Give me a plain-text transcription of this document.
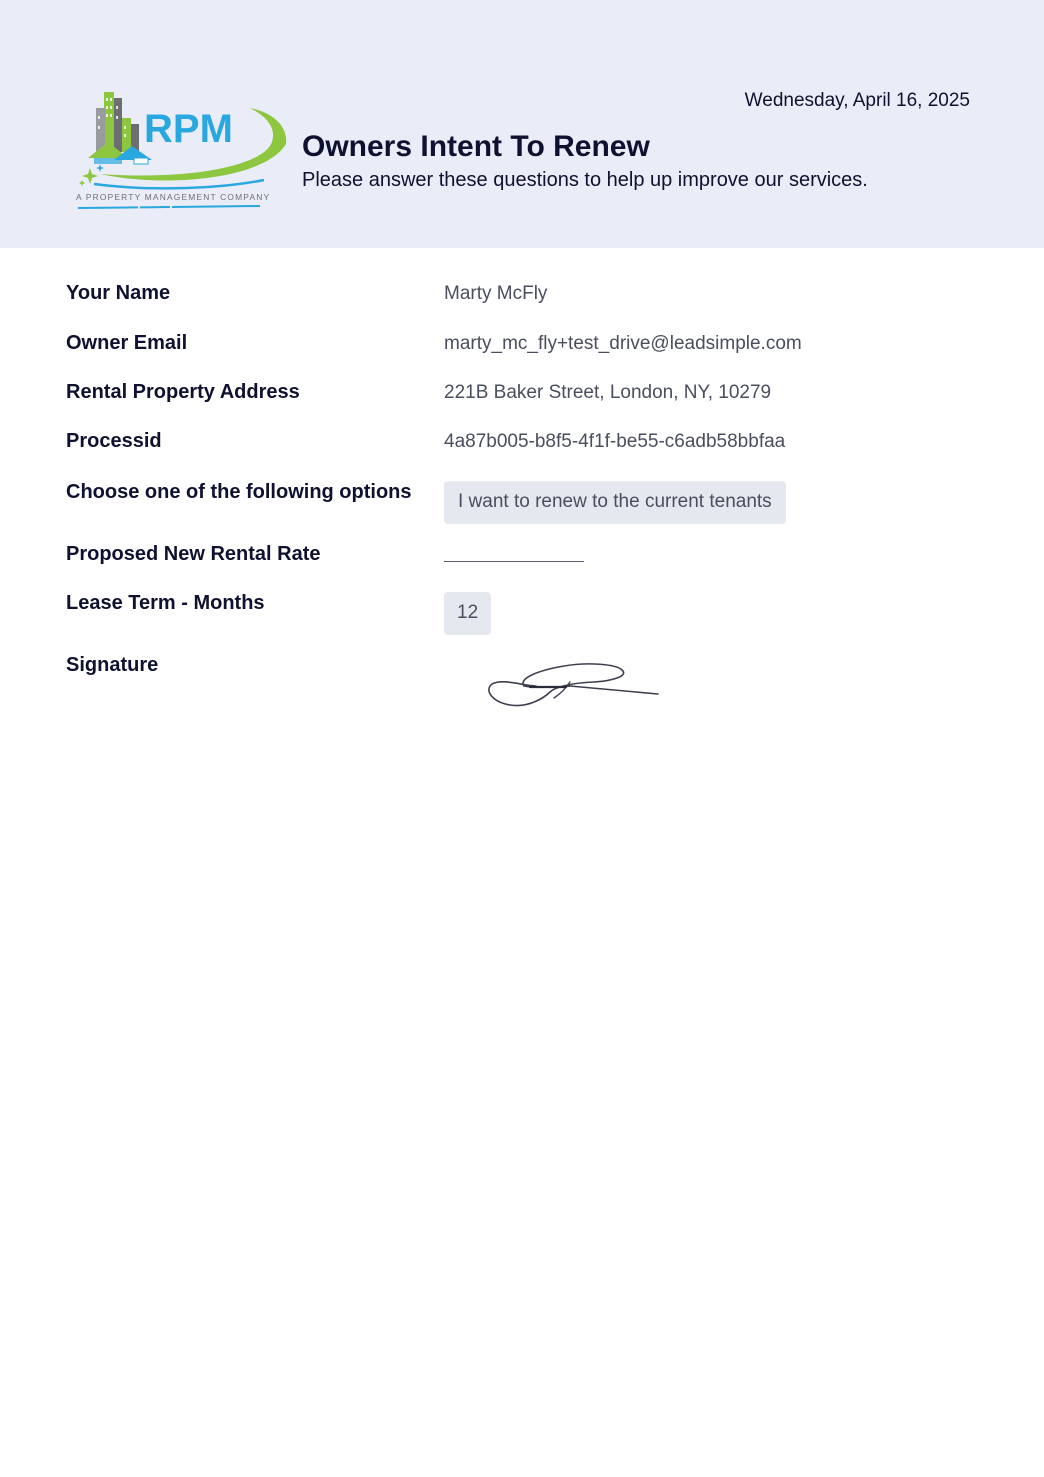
RPM
A PROPERTY MANAGEMENT COMPANY
Wednesday, April 16, 2025
Owners Intent To Renew
Please answer these questions to help up improve our services.
Your Name	Marty McFly
Owner Email	marty_mc_fly+test_drive@leadsimple.com
Rental Property Address	221B Baker Street, London, NY, 10279
Processid	4a87b005-b8f5-4f1f-be55-c6adb58bbfaa
Choose one of the following options	I want to renew to the current tenants
Proposed New Rental Rate
Lease Term - Months	12
Signature
